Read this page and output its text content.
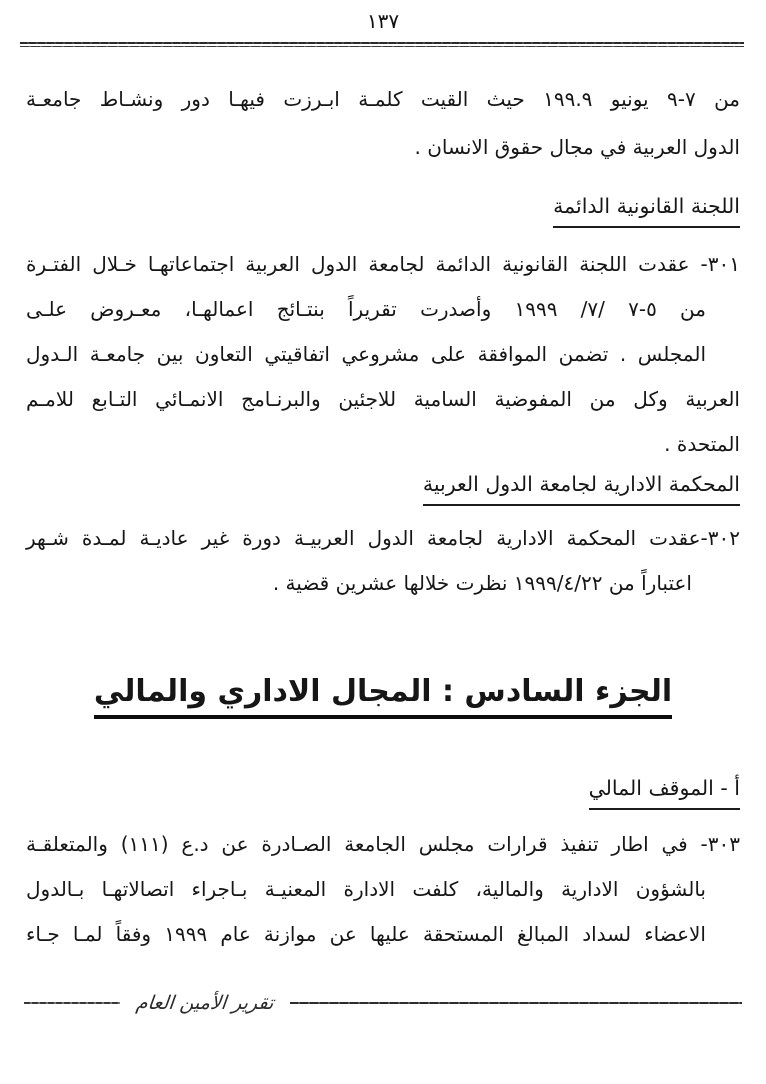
١٣٧
من ٧-٩ يونيو ١٩٩.٩ حيث القيت كلمـة ابـرزت فيهـا دور ونشـاط جامعـة
الدول العربية في مجال حقوق الانسان .
اللجنة القانونية الدائمة
٣٠١- عقدت اللجنة القانونية الدائمة لجامعة الدول العربية اجتماعاتهـا خـلال الفتـرة
من ٥-٧ /٧/ ١٩٩٩ وأصدرت تقريراً بنتـائج اعمالهـا، معـروض علـى
المجلس . تضمن الموافقة على مشروعي اتفاقيتي التعاون بين جامعـة الـدول
العربية وكل من المفوضية السامية للاجئين والبرنـامج الانمـائي التـابع للامـم
المتحدة .
المحكمة الادارية لجامعة الدول العربية
٣٠٢-عقدت المحكمة الادارية لجامعة الدول العربيـة دورة غير عاديـة لمـدة شـهر
اعتباراً من ١٩٩٩/٤/٢٢ نظرت خلالها عشرين قضية .
الجزء السادس : المجال الاداري والمالي
أ - الموقف المالي
٣٠٣- في اطار تنفيذ قرارات مجلس الجامعة الصـادرة عن د.ع (١١١) والمتعلقـة
بالشؤون الادارية والمالية، كلفت الادارة المعنيـة بـاجراء اتصالاتهـا بـالدول
الاعضاء لسداد المبالغ المستحقة عليها عن موازنة عام ١٩٩٩ وفقاً لمـا جـاء
تقرير الأمين العام
